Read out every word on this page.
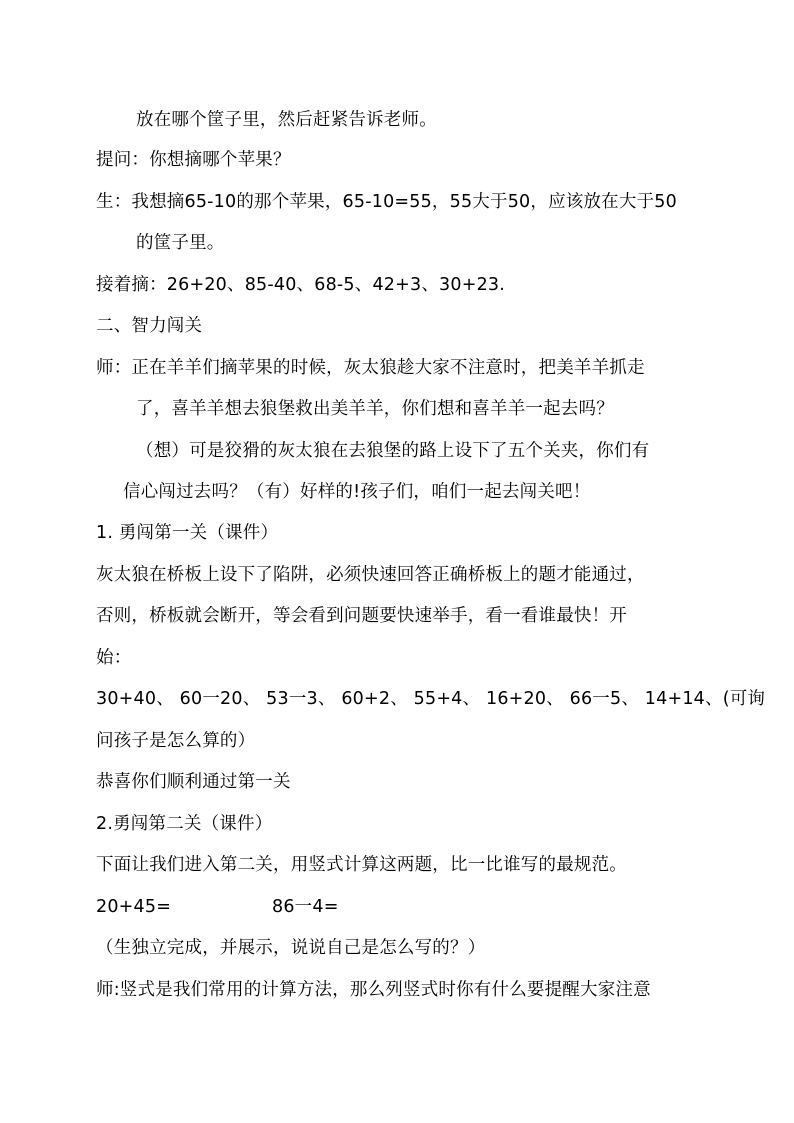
放在哪个筐子里，然后赶紧告诉老师。
提问：你想摘哪个苹果？
生：我想摘65-10的那个苹果，65-10=55，55大于50，应该放在大于50
的筐子里。
接着摘：26+20、85-40、68-5、42+3、30+23.
二、智力闯关
师：正在羊羊们摘苹果的时候，灰太狼趁大家不注意时，把美羊羊抓走
了，喜羊羊想去狼堡救出美羊羊，你们想和喜羊羊一起去吗？
（想）可是狡猾的灰太狼在去狼堡的路上设下了五个关夹，你们有
信心闯过去吗？（有）好样的!孩子们，咱们一起去闯关吧！
1. 勇闯第一关（课件）
灰太狼在桥板上设下了陷阱，必须快速回答正确桥板上的题才能通过，
否则，桥板就会断开，等会看到问题要快速举手，看一看谁最快！开
始：
30+40、 60一20、 53一3、 60+2、 55+4、 16+20、 66一5、 14+14、(可询
问孩子是怎么算的）
恭喜你们顺利通过第一关
2.勇闯第二关（课件）
下面让我们进入第二关，用竖式计算这两题，比一比谁写的最规范。
20+45=	86一4=
（生独立完成，并展示，说说自己是怎么写的？）
师:竖式是我们常用的计算方法，那么列竖式时你有什么要提醒大家注意
